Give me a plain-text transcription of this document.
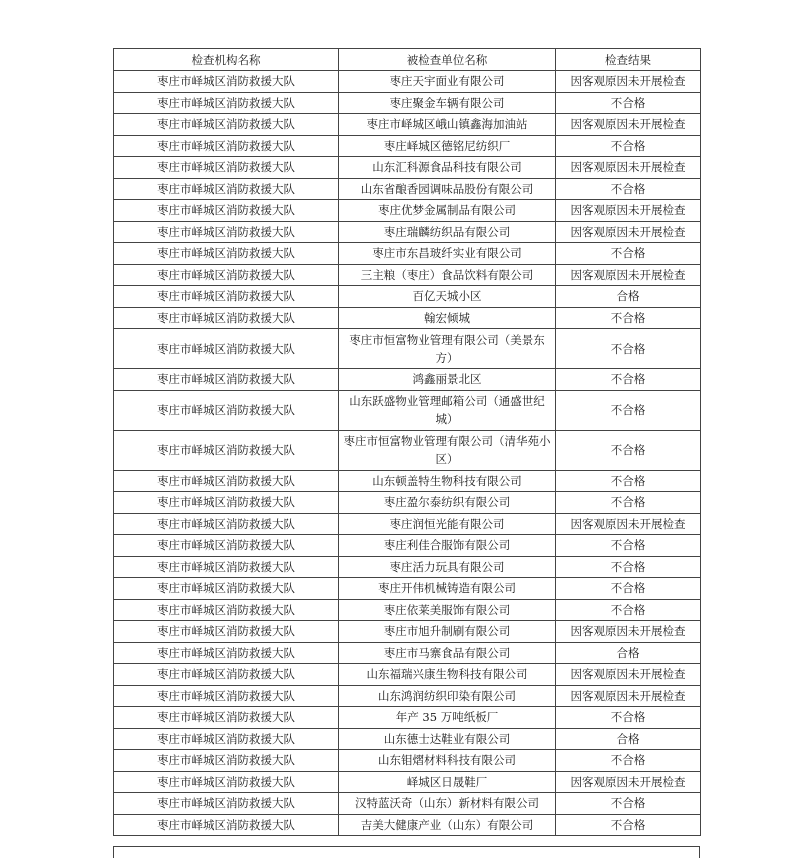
检查机构名称	被检查单位名称	检查结果
枣庄市峄城区消防救援大队	枣庄天宇面业有限公司	因客观原因未开展检查
枣庄市峄城区消防救援大队	枣庄聚金车辆有限公司	不合格
枣庄市峄城区消防救援大队	枣庄市峄城区峨山镇鑫海加油站	因客观原因未开展检查
枣庄市峄城区消防救援大队	枣庄峄城区德铭尼纺织厂	不合格
枣庄市峄城区消防救援大队	山东汇科源食品科技有限公司	因客观原因未开展检查
枣庄市峄城区消防救援大队	山东省酿香园调味品股份有限公司	不合格
枣庄市峄城区消防救援大队	枣庄优梦金属制品有限公司	因客观原因未开展检查
枣庄市峄城区消防救援大队	枣庄瑞麟纺织品有限公司	因客观原因未开展检查
枣庄市峄城区消防救援大队	枣庄市东昌玻纤实业有限公司	不合格
枣庄市峄城区消防救援大队	三主粮（枣庄）食品饮料有限公司	因客观原因未开展检查
枣庄市峄城区消防救援大队	百亿天城小区	合格
枣庄市峄城区消防救援大队	翰宏倾城	不合格
枣庄市峄城区消防救援大队	枣庄市恒富物业管理有限公司（美景东方）	不合格
枣庄市峄城区消防救援大队	鸿鑫丽景北区	不合格
枣庄市峄城区消防救援大队	山东跃盛物业管理邮箱公司（通盛世纪城）	不合格
枣庄市峄城区消防救援大队	枣庄市恒富物业管理有限公司（清华苑小区）	不合格
枣庄市峄城区消防救援大队	山东顿盖特生物科技有限公司	不合格
枣庄市峄城区消防救援大队	枣庄盈尔泰纺织有限公司	不合格
枣庄市峄城区消防救援大队	枣庄润恒光能有限公司	因客观原因未开展检查
枣庄市峄城区消防救援大队	枣庄利佳合服饰有限公司	不合格
枣庄市峄城区消防救援大队	枣庄活力玩具有限公司	不合格
枣庄市峄城区消防救援大队	枣庄开伟机械铸造有限公司	不合格
枣庄市峄城区消防救援大队	枣庄依莱美服饰有限公司	不合格
枣庄市峄城区消防救援大队	枣庄市旭升制刷有限公司	因客观原因未开展检查
枣庄市峄城区消防救援大队	枣庄市马寨食品有限公司	合格
枣庄市峄城区消防救援大队	山东福瑞兴康生物科技有限公司	因客观原因未开展检查
枣庄市峄城区消防救援大队	山东鸿润纺织印染有限公司	因客观原因未开展检查
枣庄市峄城区消防救援大队	年产 35 万吨纸板厂	不合格
枣庄市峄城区消防救援大队	山东德士达鞋业有限公司	合格
枣庄市峄城区消防救援大队	山东钼熠材料科技有限公司	不合格
枣庄市峄城区消防救援大队	峄城区日晟鞋厂	因客观原因未开展检查
枣庄市峄城区消防救援大队	汉特蓝沃奇（山东）新材料有限公司	不合格
枣庄市峄城区消防救援大队	吉美大健康产业（山东）有限公司	不合格
